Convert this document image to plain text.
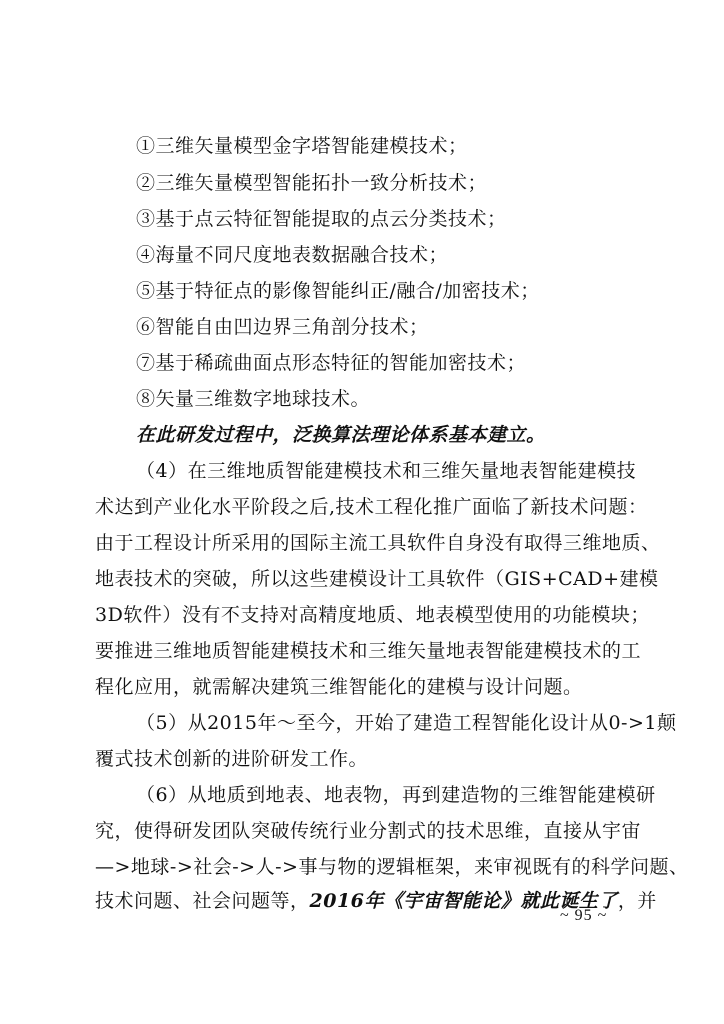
①三维矢量模型金字塔智能建模技术；
②三维矢量模型智能拓扑一致分析技术；
③基于点云特征智能提取的点云分类技术；
④海量不同尺度地表数据融合技术；
⑤基于特征点的影像智能纠正/融合/加密技术；
⑥智能自由凹边界三角剖分技术；
⑦基于稀疏曲面点形态特征的智能加密技术；
⑧矢量三维数字地球技术。
在此研发过程中，泛换算法理论体系基本建立。
（4）在三维地质智能建模技术和三维矢量地表智能建模技
术达到产业化水平阶段之后,技术工程化推广面临了新技术问题：
由于工程设计所采用的国际主流工具软件自身没有取得三维地质、
地表技术的突破，所以这些建模设计工具软件（GIS+CAD+建模
3D软件）没有不支持对高精度地质、地表模型使用的功能模块；
要推进三维地质智能建模技术和三维矢量地表智能建模技术的工
程化应用，就需解决建筑三维智能化的建模与设计问题。
（5）从2015年～至今，开始了建造工程智能化设计从0->1颠
覆式技术创新的进阶研发工作。
（6）从地质到地表、地表物，再到建造物的三维智能建模研
究，使得研发团队突破传统行业分割式的技术思维，直接从宇宙
—>地球->社会->人->事与物的逻辑框架，来审视既有的科学问题、
技术问题、社会问题等，2016年《宇宙智能论》就此诞生了，并
~ 95 ~
